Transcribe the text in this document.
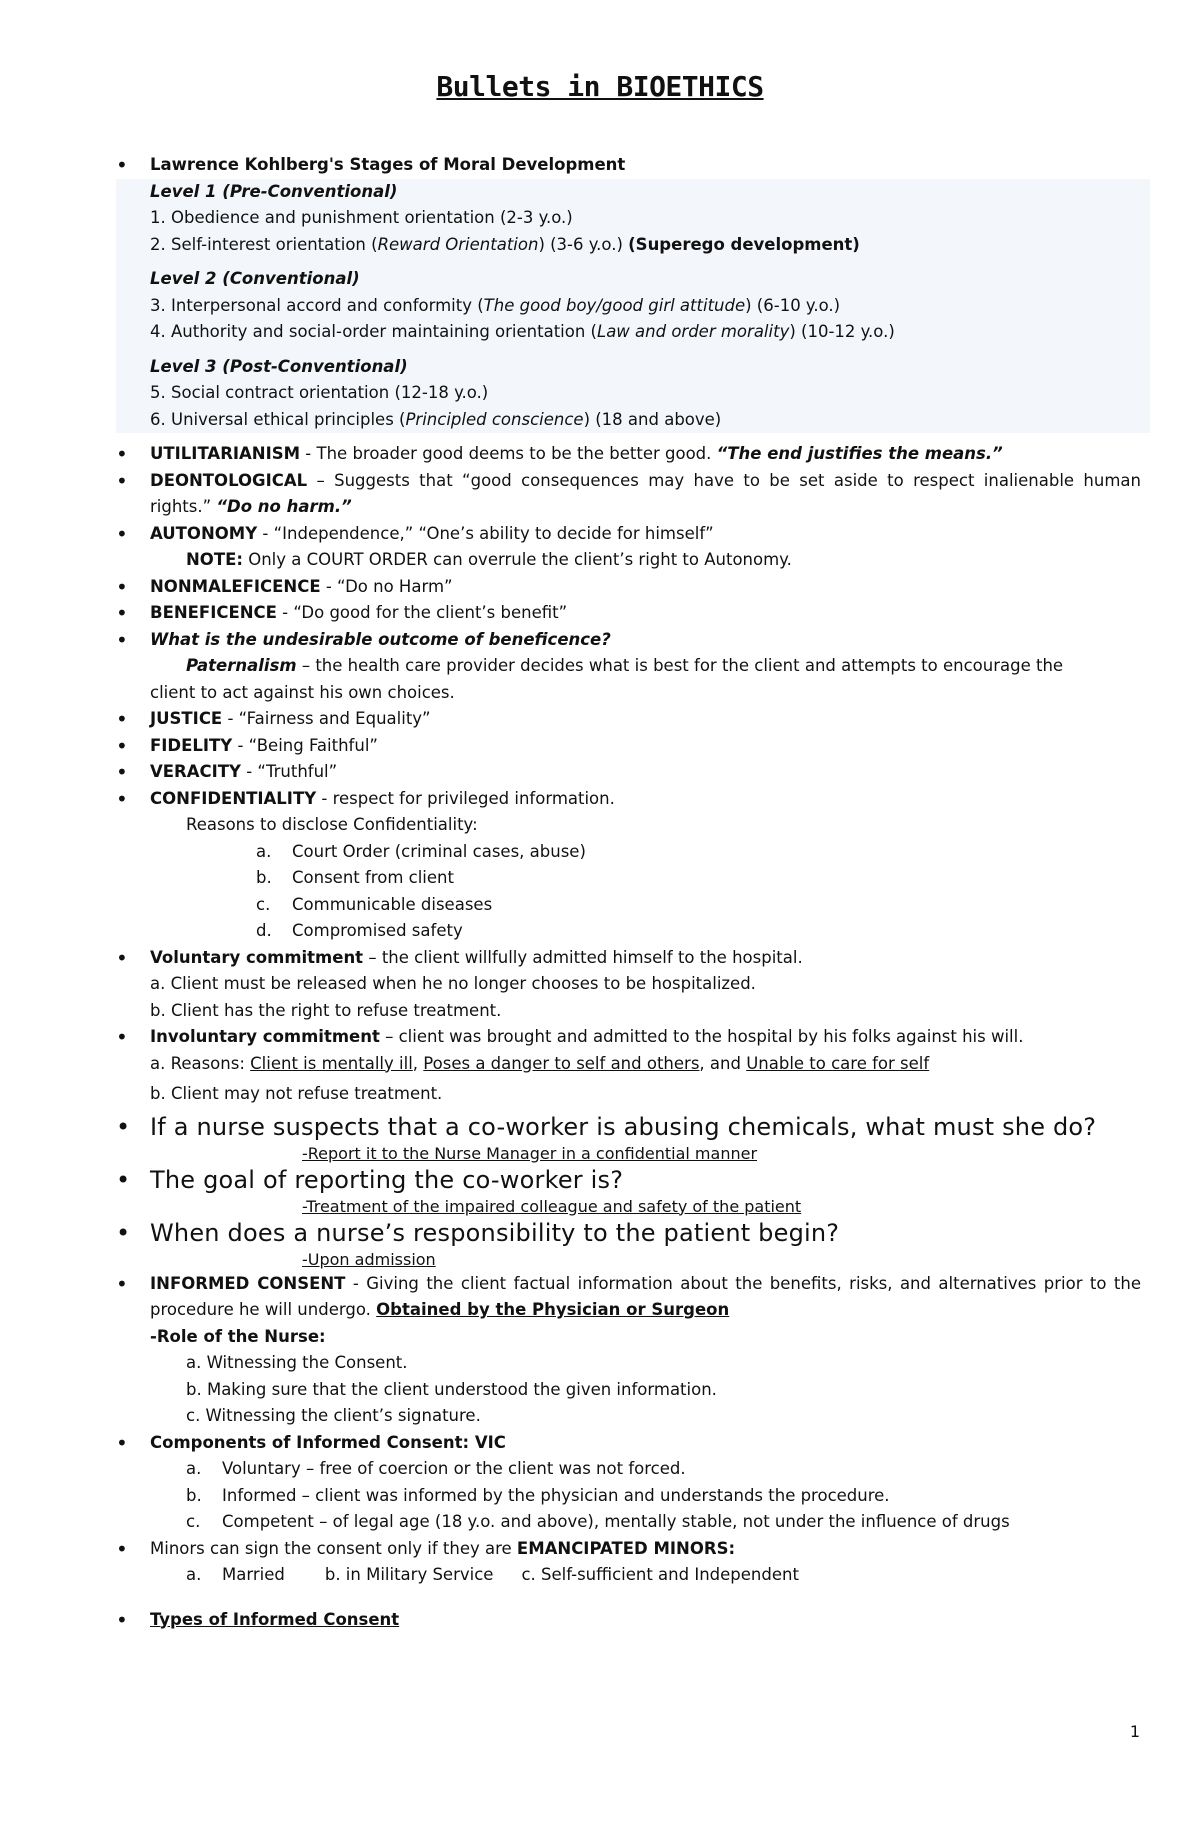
Bullets in BIOETHICS
• Lawrence Kohlberg's Stages of Moral Development
Level 1 (Pre-Conventional)
1. Obedience and punishment orientation (2-3 y.o.)
2. Self-interest orientation (Reward Orientation) (3-6 y.o.) (Superego development)
Level 2 (Conventional)
3. Interpersonal accord and conformity (The good boy/good girl attitude) (6-10 y.o.)
4. Authority and social-order maintaining orientation (Law and order morality) (10-12 y.o.)
Level 3 (Post-Conventional)
5. Social contract orientation (12-18 y.o.)
6. Universal ethical principles (Principled conscience) (18 and above)
• UTILITARIANISM - The broader good deems to be the better good. “The end justifies the means.”
• DEONTOLOGICAL – Suggests that “good consequences may have to be set aside to respect inalienable human rights.” “Do no harm.”
• AUTONOMY - “Independence,” “One’s ability to decide for himself”
NOTE: Only a COURT ORDER can overrule the client’s right to Autonomy.
• NONMALEFICENCE - “Do no Harm”
• BENEFICENCE - “Do good for the client’s benefit”
• What is the undesirable outcome of beneficence?
Paternalism – the health care provider decides what is best for the client and attempts to encourage the
client to act against his own choices.
• JUSTICE - “Fairness and Equality”
• FIDELITY - “Being Faithful”
• VERACITY - “Truthful”
• CONFIDENTIALITY - respect for privileged information.
Reasons to disclose Confidentiality:
a. Court Order (criminal cases, abuse)
b. Consent from client
c. Communicable diseases
d. Compromised safety
• Voluntary commitment – the client willfully admitted himself to the hospital.
a. Client must be released when he no longer chooses to be hospitalized.
b. Client has the right to refuse treatment.
• Involuntary commitment – client was brought and admitted to the hospital by his folks against his will.
a. Reasons: Client is mentally ill, Poses a danger to self and others, and Unable to care for self
b. Client may not refuse treatment.
• If a nurse suspects that a co-worker is abusing chemicals, what must she do?
-Report it to the Nurse Manager in a confidential manner
• The goal of reporting the co-worker is?
-Treatment of the impaired colleague and safety of the patient
• When does a nurse’s responsibility to the patient begin?
-Upon admission
• INFORMED CONSENT - Giving the client factual information about the benefits, risks, and alternatives prior to the procedure he will undergo. Obtained by the Physician or Surgeon
-Role of the Nurse:
a. Witnessing the Consent.
b. Making sure that the client understood the given information.
c. Witnessing the client’s signature.
• Components of Informed Consent: VIC
a. Voluntary – free of coercion or the client was not forced.
b. Informed – client was informed by the physician and understands the procedure.
c. Competent – of legal age (18 y.o. and above), mentally stable, not under the influence of drugs
• Minors can sign the consent only if they are EMANCIPATED MINORS:
a. Married b. in Military Service c. Self-sufficient and Independent
• Types of Informed Consent
1
